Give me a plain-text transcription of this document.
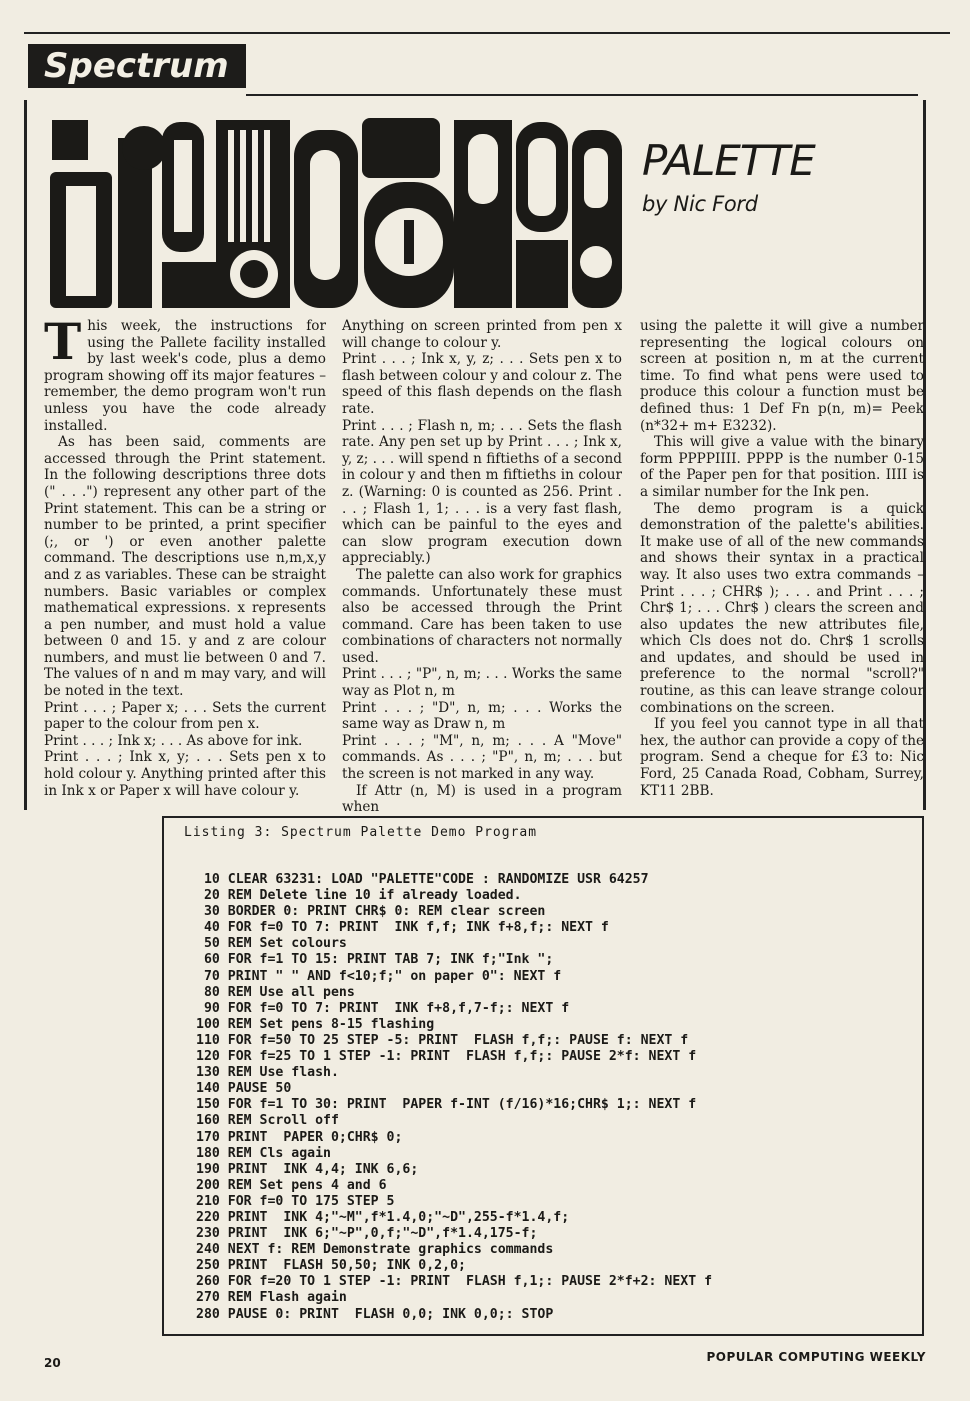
Spectrum
PALETTE
by Nic Ford
T his week, the instructions for using the Pallete facility installed by last week's code, plus a demo program showing off its major features – remember, the demo program won't run unless you have the code already installed.

As has been said, comments are accessed through the Print statement. In the following descriptions three dots (" . . .") represent any other part of the Print statement. This can be a string or number to be printed, a print specifier (;, or ') or even another palette command. The descriptions use n,m,x,y and z as variables. These can be straight numbers. Basic variables or complex mathematical expressions. x represents a pen number, and must hold a value between 0 and 15. y and z are colour numbers, and must lie between 0 and 7. The values of n and m may vary, and will be noted in the text.

Print . . . ; Paper x; . . . Sets the current paper to the colour from pen x.

Print . . . ; Ink x; . . . As above for ink.

Print . . . ; Ink x, y; . . . Sets pen x to hold colour y. Anything printed after this in Ink x or Paper x will have colour y.

Anything on screen printed from pen x will change to colour y.

Print . . . ; Ink x, y, z; . . . Sets pen x to flash between colour y and colour z. The speed of this flash depends on the flash rate.

Print . . . ; Flash n, m; . . . Sets the flash rate. Any pen set up by Print . . . ; Ink x, y, z; . . . will spend n fiftieths of a second in colour y and then m fiftieths in colour z. (Warning: 0 is counted as 256. Print . . . ; Flash 1, 1; . . . is a very fast flash, which can be painful to the eyes and can slow program execution down appreciably.)

The palette can also work for graphics commands. Unfortunately these must also be accessed through the Print command. Care has been taken to use combinations of characters not normally used.

Print . . . ; "P", n, m; . . . Works the same way as Plot n, m

Print . . . ; "D", n, m; . . . Works the same way as Draw n, m

Print . . . ; "M", n, m; . . . A "Move" commands. As . . . ; "P", n, m; . . . but the screen is not marked in any way.

If Attr (n, M) is used in a program when

using the palette it will give a number representing the logical colours on screen at position n, m at the current time. To find what pens were used to produce this colour a function must be defined thus: 1 Def Fn p(n, m)= Peek (n*32+ m+ E3232).

This will give a value with the binary form PPPPIIII. PPPP is the number 0-15 of the Paper pen for that position. IIII is a similar number for the Ink pen.

The demo program is a quick demonstration of the palette's abilities. It make use of all of the new commands and shows their syntax in a practical way. It also uses two extra commands – Print . . . ; CHR$ ); . . . and Print . . . ; Chr$ 1; . . . Chr$ ) clears the screen and also updates the new attributes file, which Cls does not do. Chr$ 1 scrolls and updates, and should be used in preference to the normal "scroll?" routine, as this can leave strange colour combinations on the screen.

If you feel you cannot type in all that hex, the author can provide a copy of the program. Send a cheque for £3 to: Nic Ford, 25 Canada Road, Cobham, Surrey, KT11 2BB.

Listing 3: Spectrum Palette Demo Program
10 CLEAR 63231: LOAD "PALETTE"CODE : RANDOMIZE USR 64257
20 REM Delete line 10 if already loaded.
30 BORDER 0: PRINT CHR$ 0: REM clear screen
40 FOR f=0 TO 7: PRINT  INK f,f; INK f+8,f;: NEXT f
50 REM Set colours
60 FOR f=1 TO 15: PRINT TAB 7; INK f;"Ink ";
70 PRINT " " AND f<10;f;" on paper 0": NEXT f
80 REM Use all pens
90 FOR f=0 TO 7: PRINT  INK f+8,f,7-f;: NEXT f
100 REM Set pens 8-15 flashing
110 FOR f=50 TO 25 STEP -5: PRINT  FLASH f,f;: PAUSE f: NEXT f
120 FOR f=25 TO 1 STEP -1: PRINT  FLASH f,f;: PAUSE 2*f: NEXT f
130 REM Use flash.
140 PAUSE 50
150 FOR f=1 TO 30: PRINT  PAPER f-INT (f/16)*16;CHR$ 1;: NEXT f
160 REM Scroll off
170 PRINT  PAPER 0;CHR$ 0;
180 REM Cls again
190 PRINT  INK 4,4; INK 6,6;
200 REM Set pens 4 and 6
210 FOR f=0 TO 175 STEP 5
220 PRINT  INK 4;"~M",f*1.4,0;"~D",255-f*1.4,f;
230 PRINT  INK 6;"~P",0,f;"~D",f*1.4,175-f;
240 NEXT f: REM Demonstrate graphics commands
250 PRINT  FLASH 50,50; INK 0,2,0;
260 FOR f=20 TO 1 STEP -1: PRINT  FLASH f,1;: PAUSE 2*f+2: NEXT f
270 REM Flash again
280 PAUSE 0: PRINT  FLASH 0,0; INK 0,0;: STOP
20	POPULAR COMPUTING WEEKLY
